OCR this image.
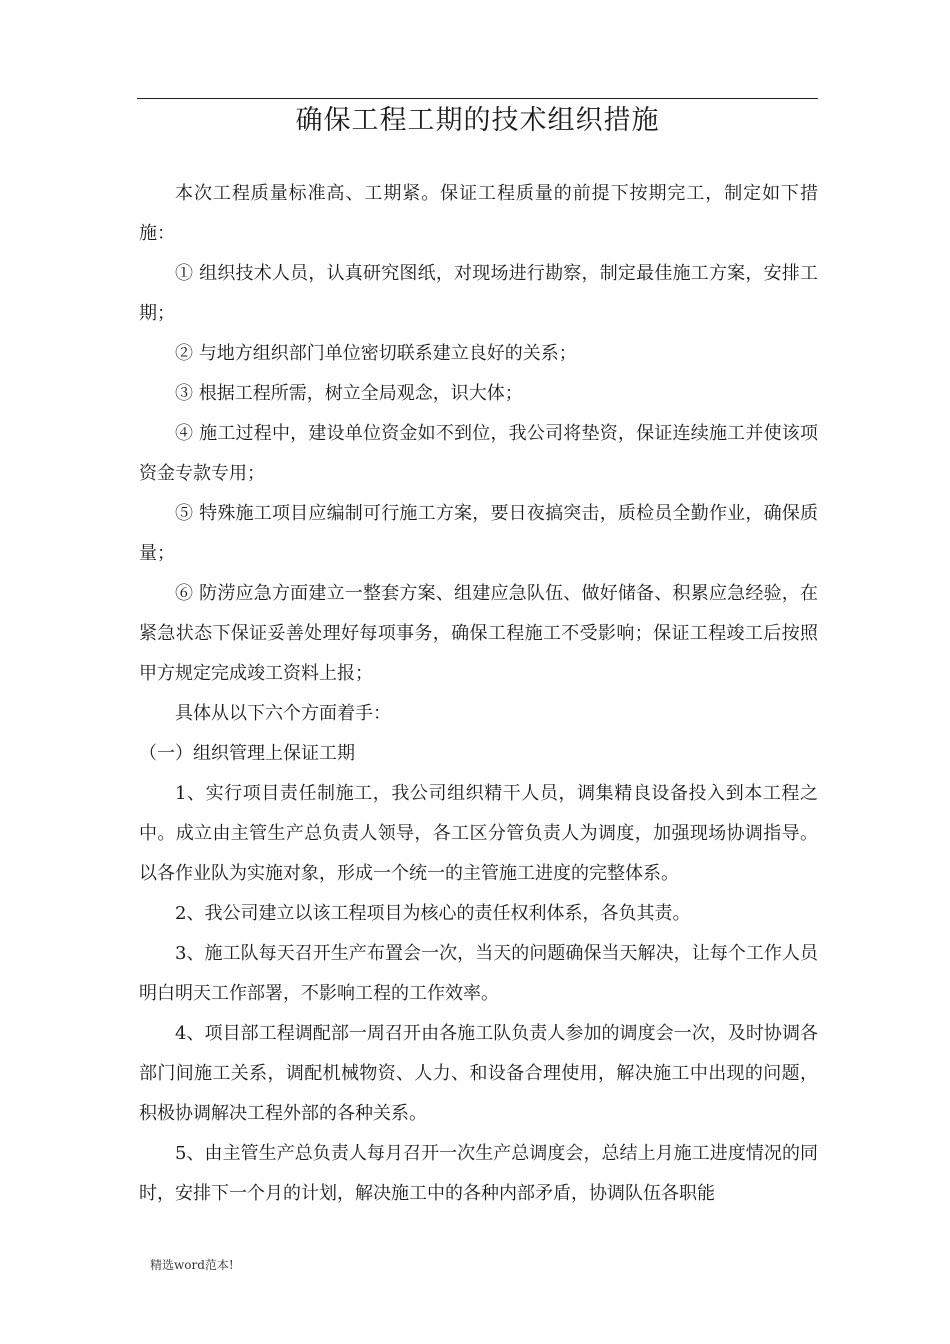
确保工程工期的技术组织措施

本次工程质量标准高、工期紧。保证工程质量的前提下按期完工，制定如下措施：

① 组织技术人员，认真研究图纸，对现场进行勘察，制定最佳施工方案，安排工期；

② 与地方组织部门单位密切联系建立良好的关系；

③ 根据工程所需，树立全局观念，识大体；

④ 施工过程中，建设单位资金如不到位，我公司将垫资，保证连续施工并使该项资金专款专用；

⑤ 特殊施工项目应编制可行施工方案，要日夜搞突击，质检员全勤作业，确保质量；

⑥ 防涝应急方面建立一整套方案、组建应急队伍、做好储备、积累应急经验，在紧急状态下保证妥善处理好每项事务，确保工程施工不受影响；保证工程竣工后按照甲方规定完成竣工资料上报；

具体从以下六个方面着手：

（一）组织管理上保证工期

1、实行项目责任制施工，我公司组织精干人员，调集精良设备投入到本工程之中。成立由主管生产总负责人领导，各工区分管负责人为调度，加强现场协调指导。以各作业队为实施对象，形成一个统一的主管施工进度的完整体系。

2、我公司建立以该工程项目为核心的责任权利体系，各负其责。

3、施工队每天召开生产布置会一次，当天的问题确保当天解决，让每个工作人员明白明天工作部署，不影响工程的工作效率。

4、项目部工程调配部一周召开由各施工队负责人参加的调度会一次，及时协调各部门间施工关系，调配机械物资、人力、和设备合理使用，解决施工中出现的问题，积极协调解决工程外部的各种关系。

5、由主管生产总负责人每月召开一次生产总调度会，总结上月施工进度情况的同时，安排下一个月的计划，解决施工中的各种内部矛盾，协调队伍各职能

精选word范本!
